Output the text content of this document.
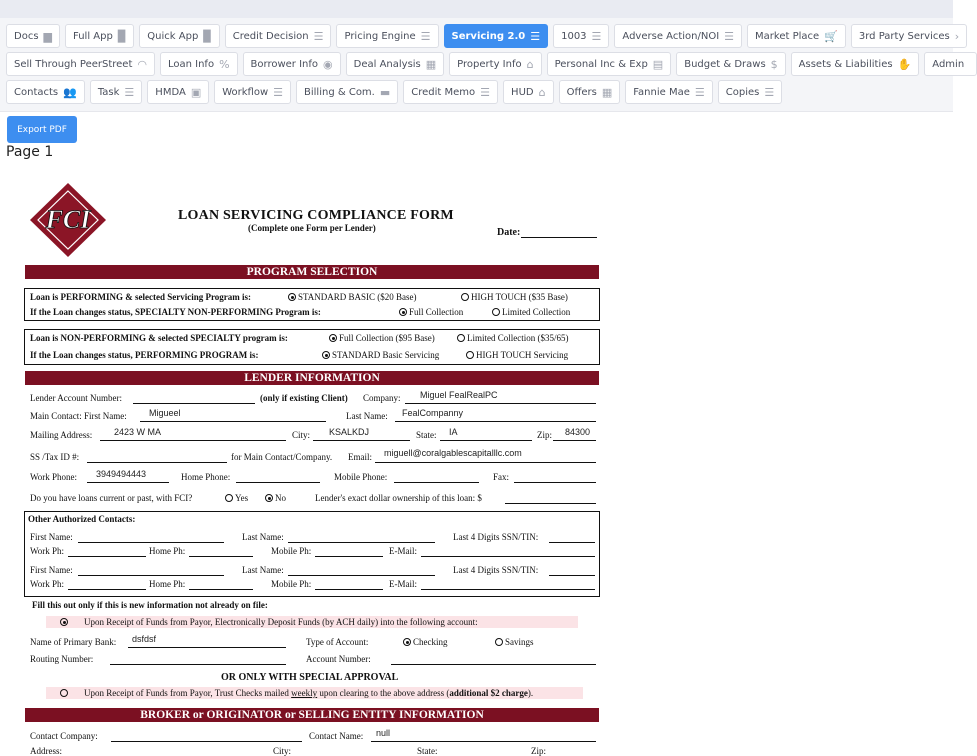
Docs ▆ Full App ▉ Quick App ▉ Credit Decision ☰ Pricing Engine ☰ Servicing 2.0 ☰ 1003 ☰ Adverse Action/NOI ☰ Market Place 🛒 3rd Party Services ›
Sell Through PeerStreet ◠ Loan Info % Borrower Info ◉ Deal Analysis ▦ Property Info ⌂ Personal Inc & Exp ▤ Budget & Draws $ Assets & Liabilities ✋ Admin
Contacts 👥 Task ☰ HMDA ▣ Workflow ☰ Billing & Com. ▬ Credit Memo ☰ HUD ⌂ Offers ▦ Fannie Mae ☰ Copies ☰
Export PDF
Page 1
FCI	LOAN SERVICING COMPLIANCE FORM
(Complete one Form per Lender)	Date:
PROGRAM SELECTION
Loan is PERFORMING & selected Servicing Program is:	STANDARD BASIC ($20 Base)	HIGH TOUCH ($35 Base)
If the Loan changes status, SPECIALTY NON-PERFORMING Program is:	Full Collection	Limited Collection
Loan is NON-PERFORMING & selected SPECIALTY program is:	Full Collection ($95 Base)	Limited Collection ($35/65)
If the Loan changes status, PERFORMING PROGRAM is:	STANDARD Basic Servicing	HIGH TOUCH Servicing
LENDER INFORMATION
Lender Account Number:	(only if existing Client) Company: Miguel FealRealPC
Main Contact: First Name: Migueel	Last Name: FealCompanny
Mailing Address: 2423 W MA	City: KSALKDJ	State: IA	Zip: 84300
SS /Tax ID #:	for Main Contact/Company. Email: miguell@coralgablescapitalllc.com
Work Phone: 3949494443	Home Phone:	Mobile Phone:	Fax:
Do you have loans current or past, with FCI?	Yes	No	Lender's exact dollar ownership of this loan: $
Other Authorized Contacts:
First Name:	Last Name:	Last 4 Digits SSN/TIN:
Work Ph:	Home Ph:	Mobile Ph:	E-Mail:
First Name:	Last Name:	Last 4 Digits SSN/TIN:
Work Ph:	Home Ph:	Mobile Ph:	E-Mail:
Fill this out only if this is new information not already on file:
Upon Receipt of Funds from Payor, Electronically Deposit Funds (by ACH daily) into the following account:
Name of Primary Bank: dsfdsf	Type of Account:	Checking	Savings
Routing Number:	Account Number:
OR ONLY WITH SPECIAL APPROVAL
Upon Receipt of Funds from Payor, Trust Checks mailed weekly upon clearing to the above address (additional $2 charge).
BROKER or ORIGINATOR or SELLING ENTITY INFORMATION
Contact Company:	Contact Name: null
Address:	City:	State:	Zip:
